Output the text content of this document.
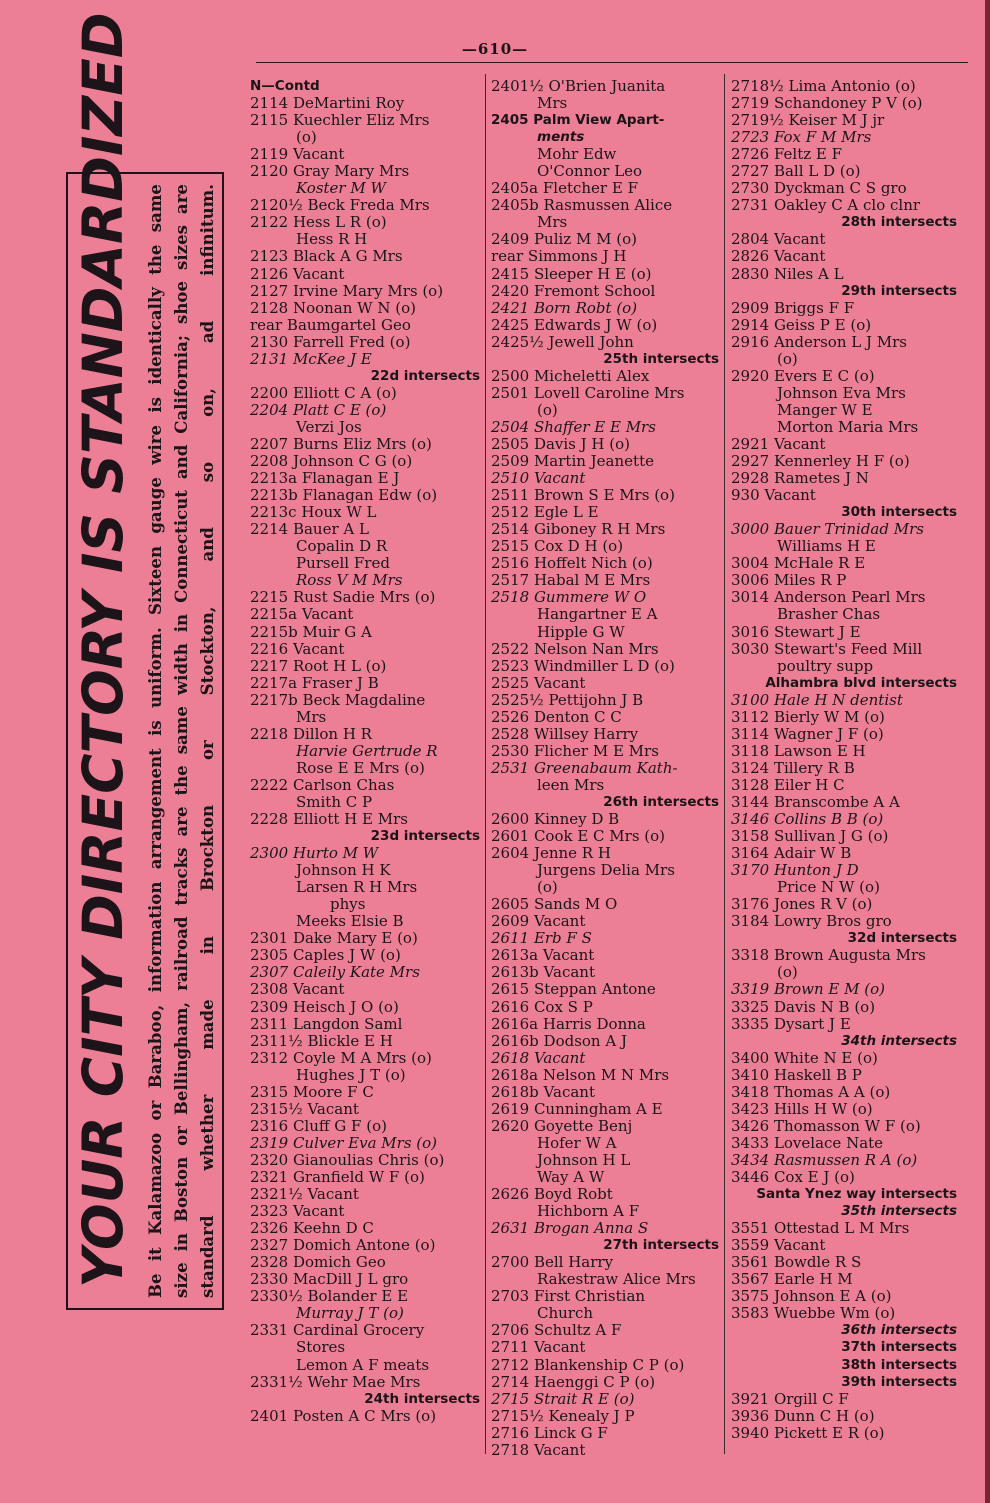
—610—
YOUR CITY DIRECTORY IS STANDARDIZED Be it Kalamazoo or Baraboo, information arrangement is uniform. Sixteen gauge wire is identically the same size in Boston or Bellingham, railroad tracks are the same width in Connecticut and California; shoe sizes are standard whether made in Brockton or Stockton, and so on, ad infinitum.
N—Contd
2114 DeMartini Roy
2115 Kuechler Eliz Mrs
(o)
2119 Vacant
2120 Gray Mary Mrs
Koster M W
2120½ Beck Freda Mrs
2122 Hess L R (o)
Hess R H
2123 Black A G Mrs
2126 Vacant
2127 Irvine Mary Mrs (o)
2128 Noonan W N (o)
rear Baumgartel Geo
2130 Farrell Fred (o)
2131 McKee J E
22d intersects
2200 Elliott C A (o)
2204 Platt C E (o)
Verzi Jos
2207 Burns Eliz Mrs (o)
2208 Johnson C G (o)
2213a Flanagan E J
2213b Flanagan Edw (o)
2213c Houx W L
2214 Bauer A L
Copalin D R
Pursell Fred
Ross V M Mrs
2215 Rust Sadie Mrs (o)
2215a Vacant
2215b Muir G A
2216 Vacant
2217 Root H L (o)
2217a Fraser J B
2217b Beck Magdaline
Mrs
2218 Dillon H R
Harvie Gertrude R
Rose E E Mrs (o)
2222 Carlson Chas
Smith C P
2228 Elliott H E Mrs
23d intersects
2300 Hurto M W
Johnson H K
Larsen R H Mrs
phys
Meeks Elsie B
2301 Dake Mary E (o)
2305 Caples J W (o)
2307 Caleily Kate Mrs
2308 Vacant
2309 Heisch J O (o)
2311 Langdon Saml
2311½ Blickle E H
2312 Coyle M A Mrs (o)
Hughes J T (o)
2315 Moore F C
2315½ Vacant
2316 Cluff G F (o)
2319 Culver Eva Mrs (o)
2320 Gianoulias Chris (o)
2321 Granfield W F (o)
2321½ Vacant
2323 Vacant
2326 Keehn D C
2327 Domich Antone (o)
2328 Domich Geo
2330 MacDill J L gro
2330½ Bolander E E
Murray J T (o)
2331 Cardinal Grocery
Stores
Lemon A F meats
2331½ Wehr Mae Mrs
24th intersects
2401 Posten A C Mrs (o)
2401½ O'Brien Juanita
Mrs
2405 Palm View Apart-
ments
Mohr Edw
O'Connor Leo
2405a Fletcher E F
2405b Rasmussen Alice
Mrs
2409 Puliz M M (o)
rear Simmons J H
2415 Sleeper H E (o)
2420 Fremont School
2421 Born Robt (o)
2425 Edwards J W (o)
2425½ Jewell John
25th intersects
2500 Micheletti Alex
2501 Lovell Caroline Mrs
(o)
2504 Shaffer E E Mrs
2505 Davis J H (o)
2509 Martin Jeanette
2510 Vacant
2511 Brown S E Mrs (o)
2512 Egle L E
2514 Giboney R H Mrs
2515 Cox D H (o)
2516 Hoffelt Nich (o)
2517 Habal M E Mrs
2518 Gummere W O
Hangartner E A
Hipple G W
2522 Nelson Nan Mrs
2523 Windmiller L D (o)
2525 Vacant
2525½ Pettijohn J B
2526 Denton C C
2528 Willsey Harry
2530 Flicher M E Mrs
2531 Greenabaum Kath-
leen Mrs
26th intersects
2600 Kinney D B
2601 Cook E C Mrs (o)
2604 Jenne R H
Jurgens Delia Mrs
(o)
2605 Sands M O
2609 Vacant
2611 Erb F S
2613a Vacant
2613b Vacant
2615 Steppan Antone
2616 Cox S P
2616a Harris Donna
2616b Dodson A J
2618 Vacant
2618a Nelson M N Mrs
2618b Vacant
2619 Cunningham A E
2620 Goyette Benj
Hofer W A
Johnson H L
Way A W
2626 Boyd Robt
Hichborn A F
2631 Brogan Anna S
27th intersects
2700 Bell Harry
Rakestraw Alice Mrs
2703 First Christian
Church
2706 Schultz A F
2711 Vacant
2712 Blankenship C P (o)
2714 Haenggi C P (o)
2715 Strait R E (o)
2715½ Kenealy J P
2716 Linck G F
2718 Vacant
2718½ Lima Antonio (o)
2719 Schandoney P V (o)
2719½ Keiser M J jr
2723 Fox F M Mrs
2726 Feltz E F
2727 Ball L D (o)
2730 Dyckman C S gro
2731 Oakley C A clo clnr
28th intersects
2804 Vacant
2826 Vacant
2830 Niles A L
29th intersects
2909 Briggs F F
2914 Geiss P E (o)
2916 Anderson L J Mrs
(o)
2920 Evers E C (o)
Johnson Eva Mrs
Manger W E
Morton Maria Mrs
2921 Vacant
2927 Kennerley H F (o)
2928 Rametes J N
930 Vacant
30th intersects
3000 Bauer Trinidad Mrs
Williams H E
3004 McHale R E
3006 Miles R P
3014 Anderson Pearl Mrs
Brasher Chas
3016 Stewart J E
3030 Stewart's Feed Mill
poultry supp
Alhambra blvd intersects
3100 Hale H N dentist
3112 Bierly W M (o)
3114 Wagner J F (o)
3118 Lawson E H
3124 Tillery R B
3128 Eiler H C
3144 Branscombe A A
3146 Collins B B (o)
3158 Sullivan J G (o)
3164 Adair W B
3170 Hunton J D
Price N W (o)
3176 Jones R V (o)
3184 Lowry Bros gro
32d intersects
3318 Brown Augusta Mrs
(o)
3319 Brown E M (o)
3325 Davis N B (o)
3335 Dysart J E
34th intersects
3400 White N E (o)
3410 Haskell B P
3418 Thomas A A (o)
3423 Hills H W (o)
3426 Thomasson W F (o)
3433 Lovelace Nate
3434 Rasmussen R A (o)
3446 Cox E J (o)
Santa Ynez way intersects
35th intersects
3551 Ottestad L M Mrs
3559 Vacant
3561 Bowdle R S
3567 Earle H M
3575 Johnson E A (o)
3583 Wuebbe Wm (o)
36th intersects
37th intersects
38th intersects
39th intersects
3921 Orgill C F
3936 Dunn C H (o)
3940 Pickett E R (o)
